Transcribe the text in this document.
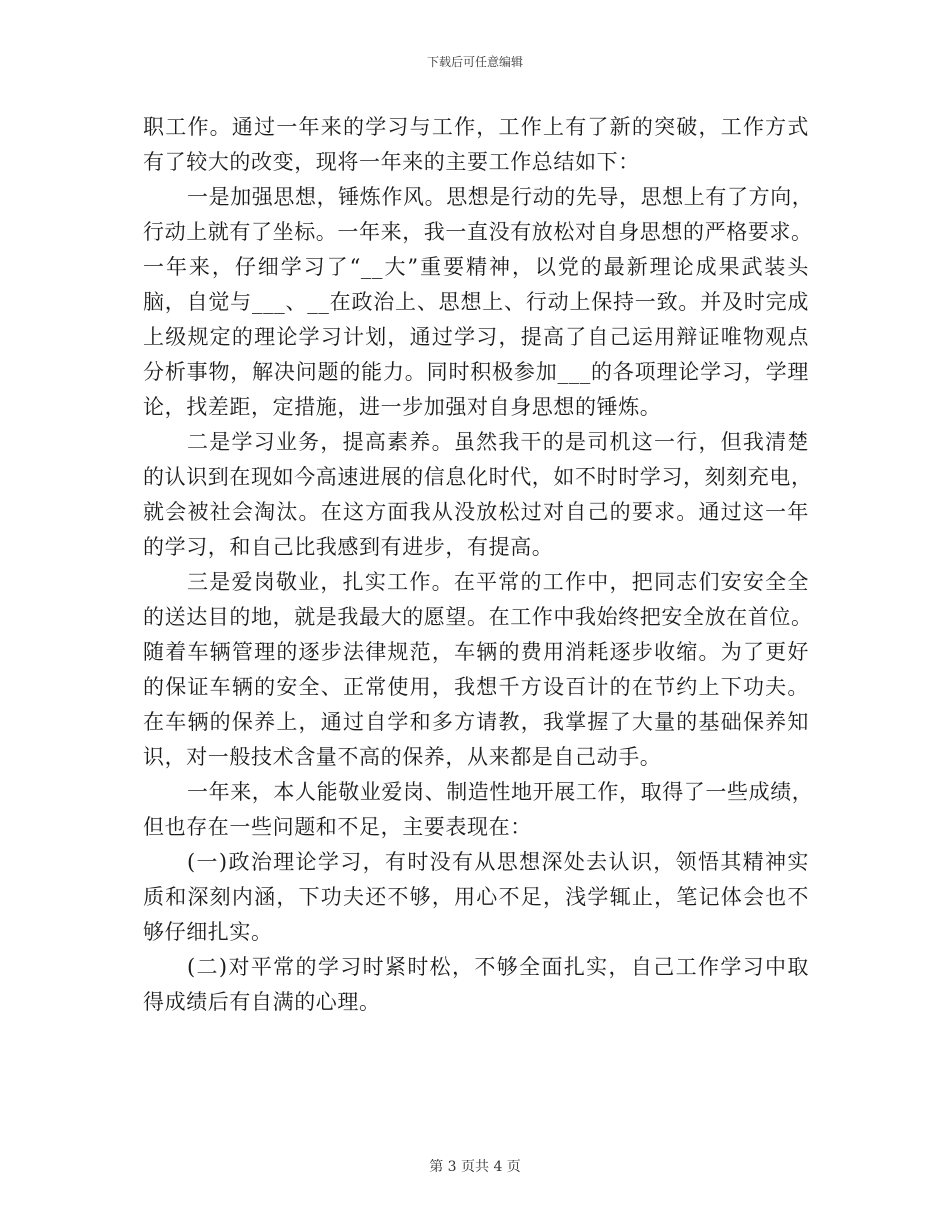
下载后可任意编辑
职工作。通过一年来的学习与工作，工作上有了新的突破，工作方式
有了较大的改变，现将一年来的主要工作总结如下：
一是加强思想，锤炼作风。思想是行动的先导，思想上有了方向，
行动上就有了坐标。一年来，我一直没有放松对自身思想的严格要求。
一年来，仔细学习了“__大”重要精神，以党的最新理论成果武装头
脑，自觉与___、__在政治上、思想上、行动上保持一致。并及时完成
上级规定的理论学习计划，通过学习，提高了自己运用辩证唯物观点
分析事物，解决问题的能力。同时积极参加___的各项理论学习，学理
论，找差距，定措施，进一步加强对自身思想的锤炼。
二是学习业务，提高素养。虽然我干的是司机这一行，但我清楚
的认识到在现如今高速进展的信息化时代，如不时时学习，刻刻充电，
就会被社会淘汰。在这方面我从没放松过对自己的要求。通过这一年
的学习，和自己比我感到有进步，有提高。
三是爱岗敬业，扎实工作。在平常的工作中，把同志们安安全全
的送达目的地，就是我最大的愿望。在工作中我始终把安全放在首位。
随着车辆管理的逐步法律规范，车辆的费用消耗逐步收缩。为了更好
的保证车辆的安全、正常使用，我想千方设百计的在节约上下功夫。
在车辆的保养上，通过自学和多方请教，我掌握了大量的基础保养知
识，对一般技术含量不高的保养，从来都是自己动手。
一年来，本人能敬业爱岗、制造性地开展工作，取得了一些成绩，
但也存在一些问题和不足，主要表现在：
(一)政治理论学习，有时没有从思想深处去认识，领悟其精神实
质和深刻内涵，下功夫还不够，用心不足，浅学辄止，笔记体会也不
够仔细扎实。
(二)对平常的学习时紧时松，不够全面扎实，自己工作学习中取
得成绩后有自满的心理。
第 3 页共 4 页
